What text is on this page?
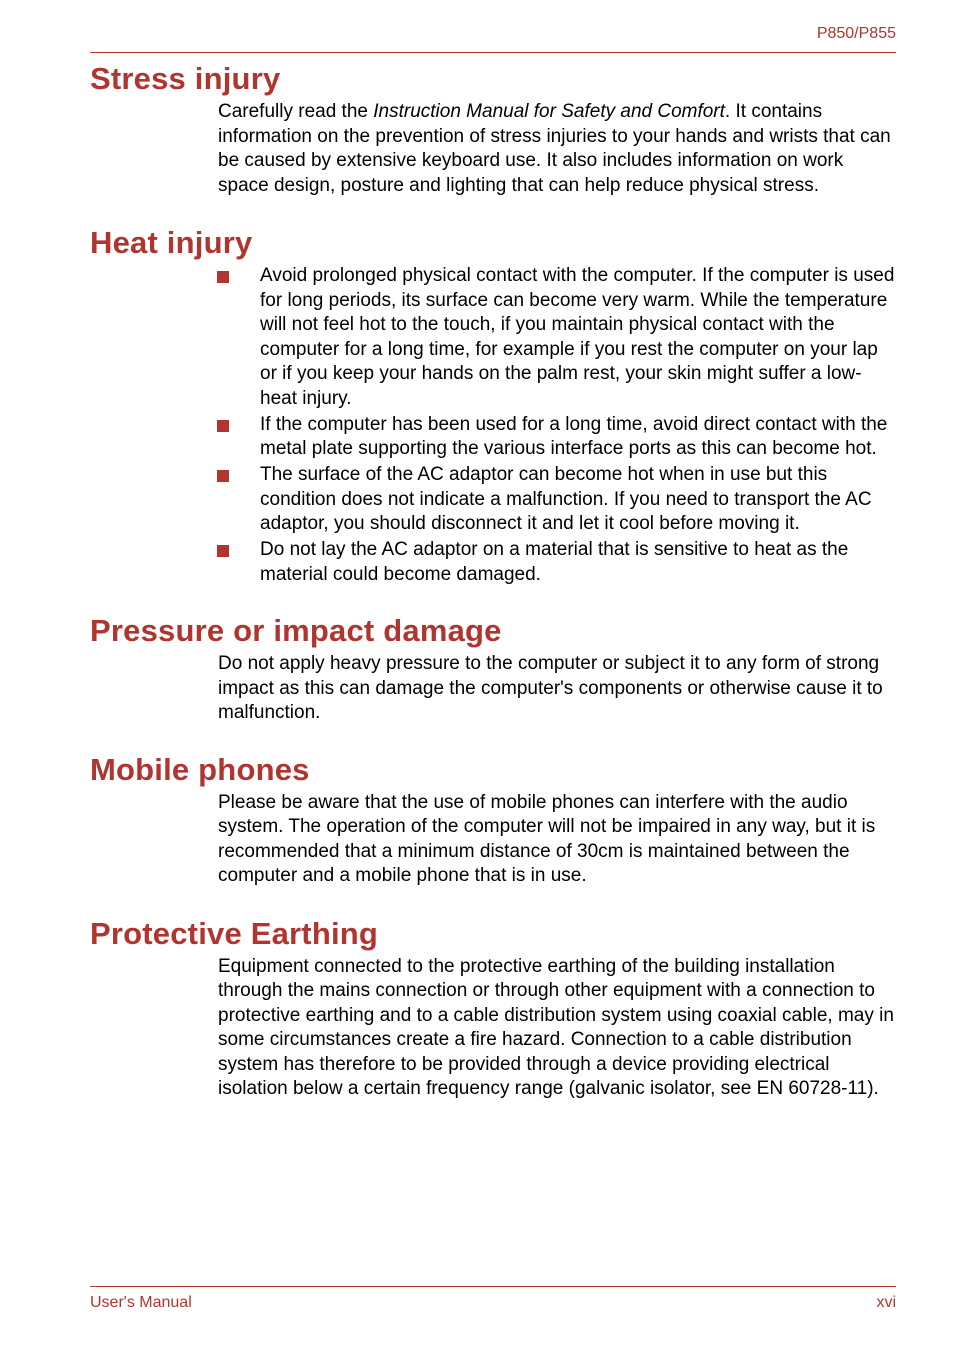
P850/P855
Stress injury

Carefully read the Instruction Manual for Safety and Comfort. It contains information on the prevention of stress injuries to your hands and wrists that can be caused by extensive keyboard use. It also includes information on work space design, posture and lighting that can help reduce physical stress.

Heat injury
Avoid prolonged physical contact with the computer. If the computer is used for long periods, its surface can become very warm. While the temperature will not feel hot to the touch, if you maintain physical contact with the computer for a long time, for example if you rest the computer on your lap or if you keep your hands on the palm rest, your skin might suffer a low-heat injury.
If the computer has been used for a long time, avoid direct contact with the metal plate supporting the various interface ports as this can become hot.
The surface of the AC adaptor can become hot when in use but this condition does not indicate a malfunction. If you need to transport the AC adaptor, you should disconnect it and let it cool before moving it.
Do not lay the AC adaptor on a material that is sensitive to heat as the material could become damaged.
Pressure or impact damage

Do not apply heavy pressure to the computer or subject it to any form of strong impact as this can damage the computer's components or otherwise cause it to malfunction.

Mobile phones

Please be aware that the use of mobile phones can interfere with the audio system. The operation of the computer will not be impaired in any way, but it is recommended that a minimum distance of 30cm is maintained between the computer and a mobile phone that is in use.

Protective Earthing

Equipment connected to the protective earthing of the building installation through the mains connection or through other equipment with a connection to protective earthing and to a cable distribution system using coaxial cable, may in some circumstances create a fire hazard. Connection to a cable distribution system has therefore to be provided through a device providing electrical isolation below a certain frequency range (galvanic isolator, see EN 60728-11).

User's Manual	xvi
